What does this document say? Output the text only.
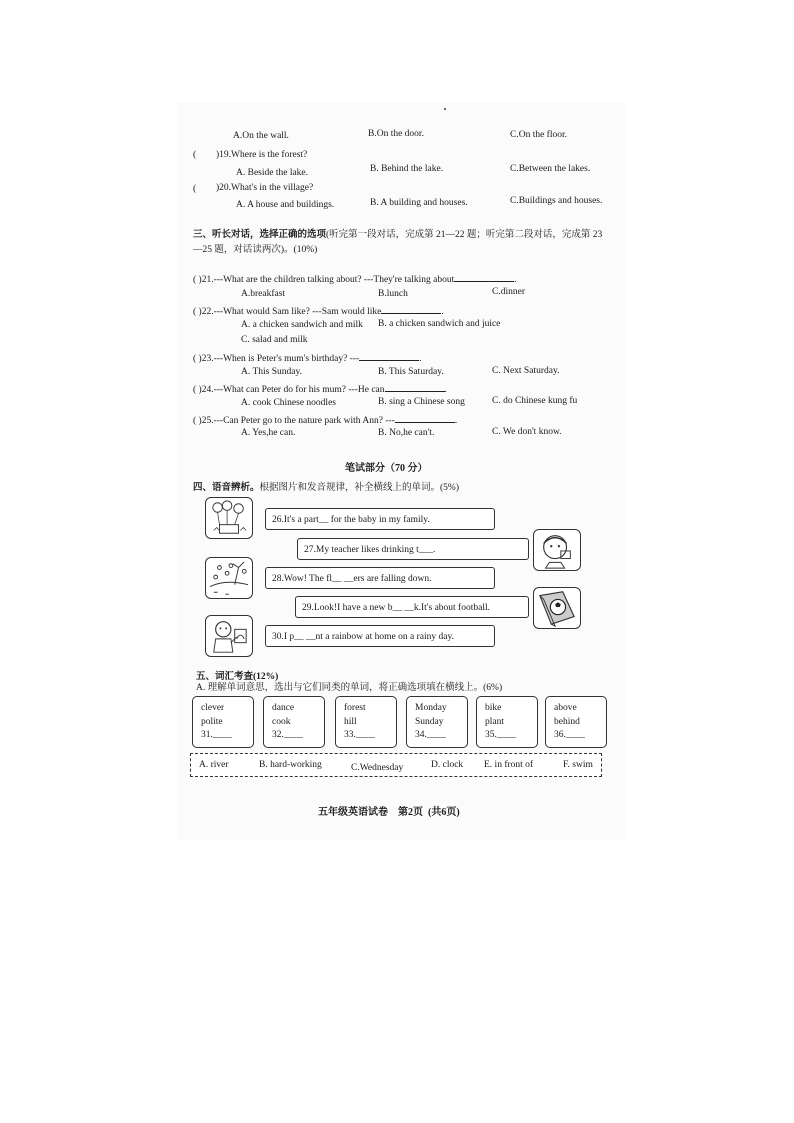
A.On the wall.	B.On the door.	C.On the floor.
( )19.Where is the forest?
A. Beside the lake.	B. Behind the lake.	C.Between the lakes.
( )20.What's in the village?
A. A house and buildings.	B. A building and houses.	C.Buildings and houses.
三、听长对话，选择正确的选项(听完第一段对话，完成第 21—22 题；听完第二段对话，完成第 23—25 题，对话读两次)。(10%)
( )21.---What are the children talking about? ---They're talking about	.
A.breakfast	B.lunch	C.dinner
( )22.---What would Sam like? ---Sam would like	.
A. a chicken sandwich and milk B. a chicken sandwich and juice
C. salad and milk
( )23.---When is Peter's mum's birthday? ---	.
A. This Sunday.	B. This Saturday.	C. Next Saturday.
( )24.---What can Peter do for his mum? ---He can	.
A. cook Chinese noodles	B. sing a Chinese song	C. do Chinese kung fu
( )25.---Can Peter go to the nature park with Ann? ---	.
A. Yes,he can.	B. No,he can't.	C. We don't know.
笔试部分（70 分）
四、语音辨析。根据图片和发音规律，补全横线上的单词。(5%)
26.It's a part__ for the baby in my family.
27.My teacher likes drinking t___.
28.Wow! The fl__ __ers are falling down.
29.Look!I have a new b__ __k.It's about football.
30.I p__ __nt a rainbow at home on a rainy day.
五、词汇考查(12%)
A. 理解单词意思，选出与它们同类的单词，将正确选项填在横线上。(6%)
clever
polite
31.____
dance
cook
32.____
forest
hill
33.____
Monday
Sunday
34.____
bike
plant
35.____
above
behind
36.____
A. river	B. hard-working	C.Wednesday	D. clock E. in front of	F. swim
五年级英语试卷    第2页  (共6页)
